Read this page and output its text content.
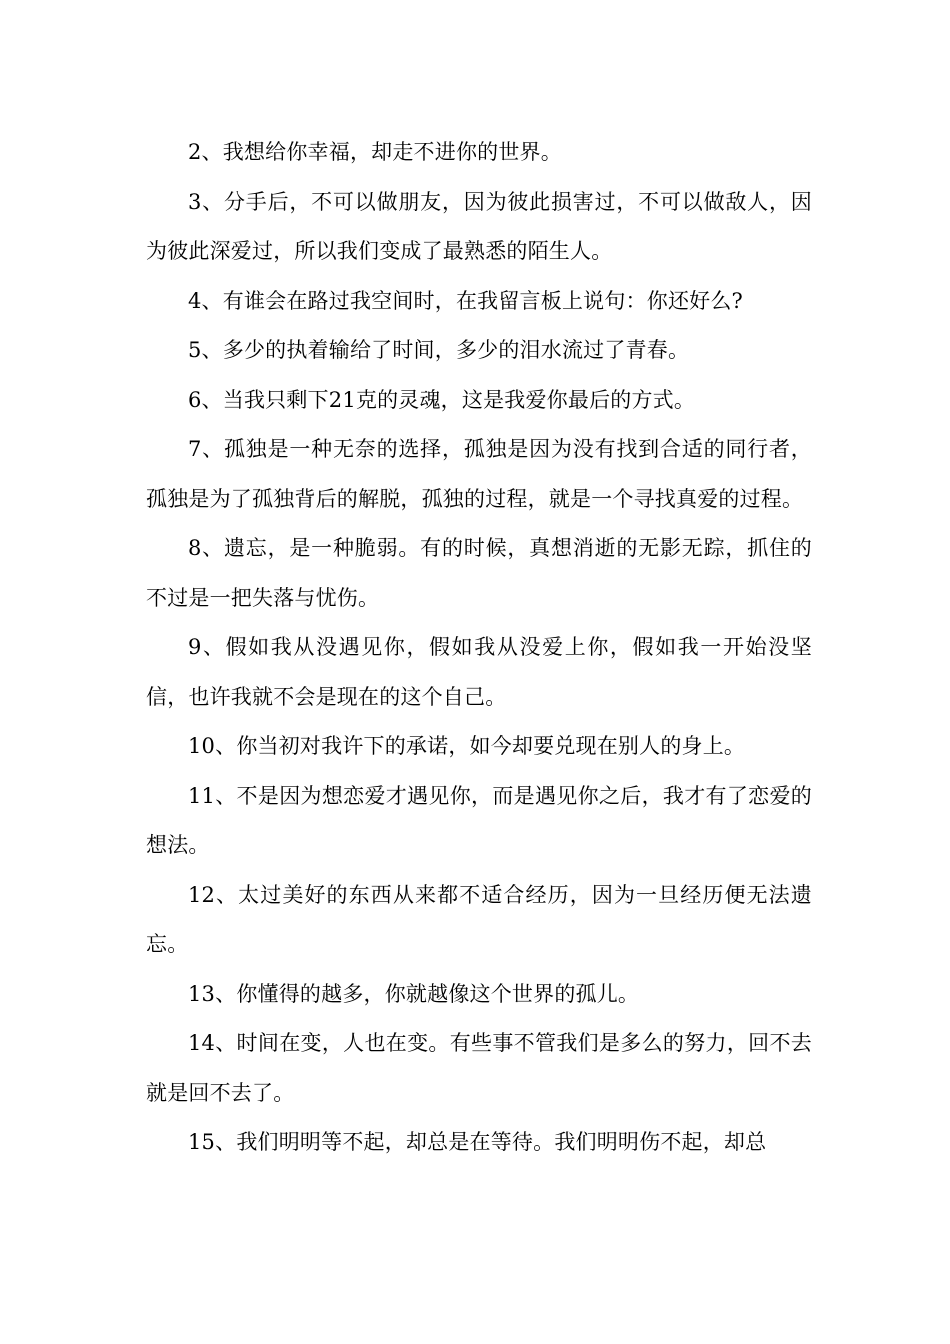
2、我想给你幸福，却走不进你的世界。

3、分手后，不可以做朋友，因为彼此损害过，不可以做敌人，因为彼此深爱过，所以我们变成了最熟悉的陌生人。

4、有谁会在路过我空间时，在我留言板上说句：你还好么?

5、多少的执着输给了时间，多少的泪水流过了青春。

6、当我只剩下21克的灵魂，这是我爱你最后的方式。

7、孤独是一种无奈的选择，孤独是因为没有找到合适的同行者，孤独是为了孤独背后的解脱，孤独的过程，就是一个寻找真爱的过程。

8、遗忘，是一种脆弱。有的时候，真想消逝的无影无踪，抓住的不过是一把失落与忧伤。

9、假如我从没遇见你，假如我从没爱上你，假如我一开始没坚信，也许我就不会是现在的这个自己。

10、你当初对我许下的承诺，如今却要兑现在别人的身上。

11、不是因为想恋爱才遇见你，而是遇见你之后，我才有了恋爱的想法。

12、太过美好的东西从来都不适合经历，因为一旦经历便无法遗忘。

13、你懂得的越多，你就越像这个世界的孤儿。

14、时间在变，人也在变。有些事不管我们是多么的努力，回不去就是回不去了。

15、我们明明等不起，却总是在等待。我们明明伤不起，却总
